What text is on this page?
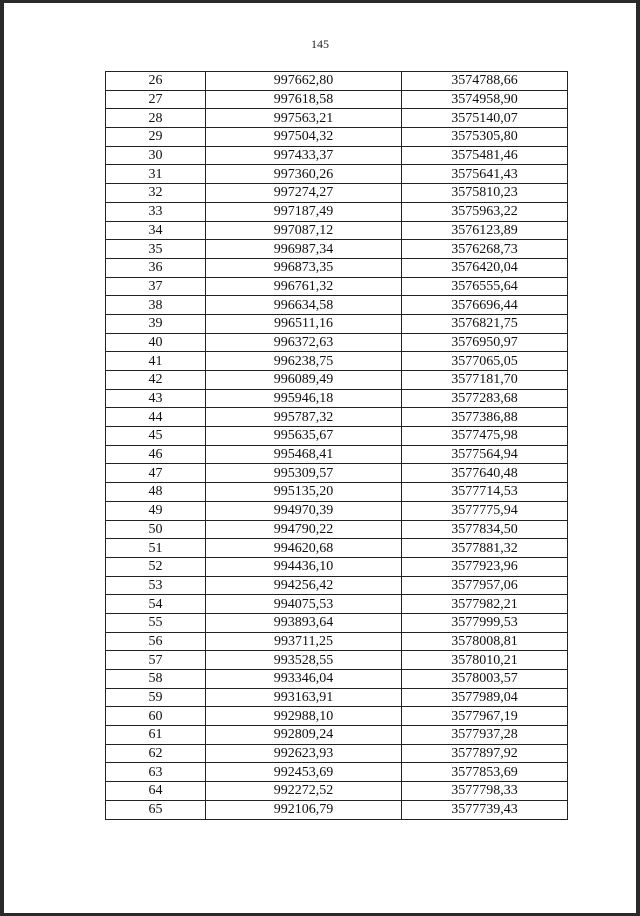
145
26	997662,80	3574788,66
27	997618,58	3574958,90
28	997563,21	3575140,07
29	997504,32	3575305,80
30	997433,37	3575481,46
31	997360,26	3575641,43
32	997274,27	3575810,23
33	997187,49	3575963,22
34	997087,12	3576123,89
35	996987,34	3576268,73
36	996873,35	3576420,04
37	996761,32	3576555,64
38	996634,58	3576696,44
39	996511,16	3576821,75
40	996372,63	3576950,97
41	996238,75	3577065,05
42	996089,49	3577181,70
43	995946,18	3577283,68
44	995787,32	3577386,88
45	995635,67	3577475,98
46	995468,41	3577564,94
47	995309,57	3577640,48
48	995135,20	3577714,53
49	994970,39	3577775,94
50	994790,22	3577834,50
51	994620,68	3577881,32
52	994436,10	3577923,96
53	994256,42	3577957,06
54	994075,53	3577982,21
55	993893,64	3577999,53
56	993711,25	3578008,81
57	993528,55	3578010,21
58	993346,04	3578003,57
59	993163,91	3577989,04
60	992988,10	3577967,19
61	992809,24	3577937,28
62	992623,93	3577897,92
63	992453,69	3577853,69
64	992272,52	3577798,33
65	992106,79	3577739,43
